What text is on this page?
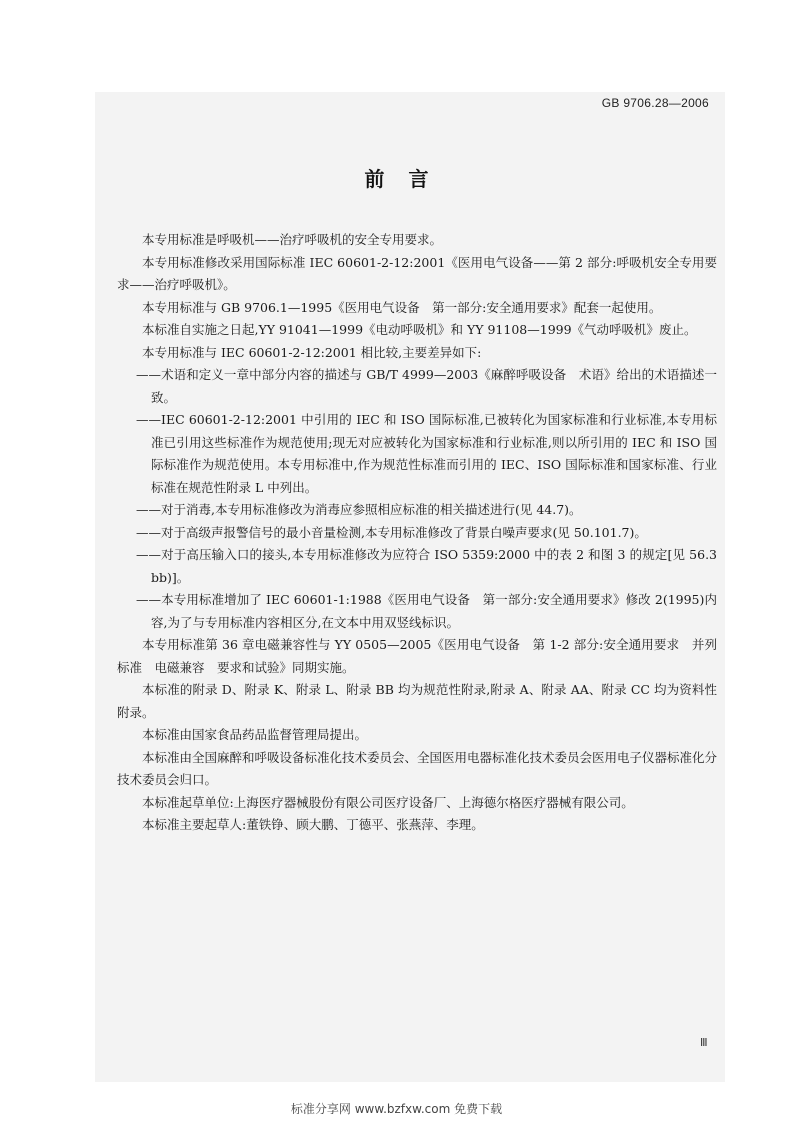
GB 9706.28—2006
前言

本专用标准是呼吸机——治疗呼吸机的安全专用要求。

本专用标准修改采用国际标准 IEC 60601-2-12:2001《医用电气设备——第 2 部分:呼吸机安全专用要求——治疗呼吸机》。

本专用标准与 GB 9706.1—1995《医用电气设备　第一部分:安全通用要求》配套一起使用。

本标准自实施之日起,YY 91041—1999《电动呼吸机》和 YY 91108—1999《气动呼吸机》废止。

本专用标准与 IEC 60601-2-12:2001 相比较,主要差异如下:

——术语和定义一章中部分内容的描述与 GB/T 4999—2003《麻醉呼吸设备　术语》给出的术语描述一致。

——IEC 60601-2-12:2001 中引用的 IEC 和 ISO 国际标准,已被转化为国家标准和行业标准,本专用标准已引用这些标准作为规范使用;现无对应被转化为国家标准和行业标准,则以所引用的 IEC 和 ISO 国际标准作为规范使用。本专用标准中,作为规范性标准而引用的 IEC、ISO 国际标准和国家标准、行业标准在规范性附录 L 中列出。

——对于消毒,本专用标准修改为消毒应参照相应标准的相关描述进行(见 44.7)。

——对于高级声报警信号的最小音量检测,本专用标准修改了背景白噪声要求(见 50.101.7)。

——对于高压输入口的接头,本专用标准修改为应符合 ISO 5359:2000 中的表 2 和图 3 的规定[见 56.3 bb)]。

——本专用标准增加了 IEC 60601-1:1988《医用电气设备　第一部分:安全通用要求》修改 2(1995)内容,为了与专用标准内容相区分,在文本中用双竖线标识。

本专用标准第 36 章电磁兼容性与 YY 0505—2005《医用电气设备　第 1-2 部分:安全通用要求　并列标准　电磁兼容　要求和试验》同期实施。

本标准的附录 D、附录 K、附录 L、附录 BB 均为规范性附录,附录 A、附录 AA、附录 CC 均为资料性附录。

本标准由国家食品药品监督管理局提出。

本标准由全国麻醉和呼吸设备标准化技术委员会、全国医用电器标准化技术委员会医用电子仪器标准化分技术委员会归口。

本标准起草单位:上海医疗器械股份有限公司医疗设备厂、上海德尔格医疗器械有限公司。

本标准主要起草人:董铁铮、顾大鹏、丁德平、张燕萍、李理。

Ⅲ
标准分享网 www.bzfxw.com 免费下载
